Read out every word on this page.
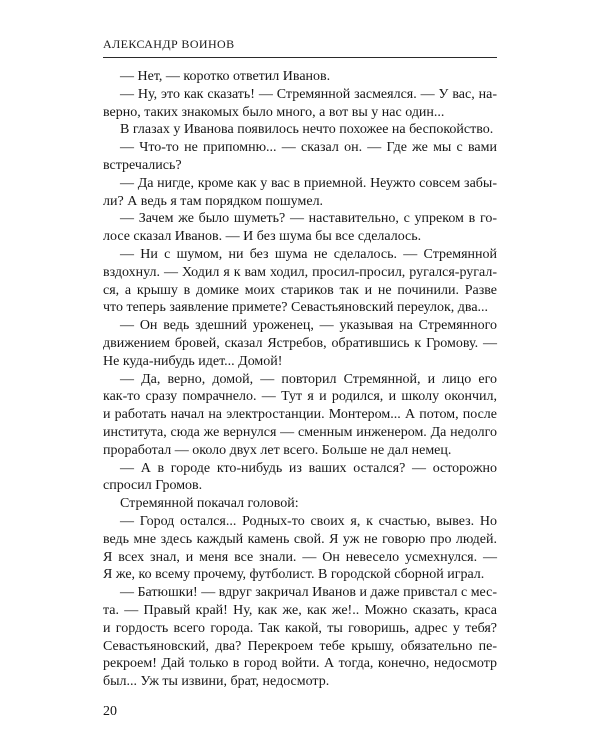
АЛЕКСАНДР ВОИНОВ
— Нет, — коротко ответил Иванов.
— Ну, это как сказать! — Стремянной засмеялся. — У вас, на-
верно, таких знакомых было много, а вот вы у нас один...
В глазах у Иванова появилось нечто похожее на беспокойство.
— Что-то не припомню... — сказал он. — Где же мы с вами
встречались?
— Да нигде, кроме как у вас в приемной. Неужто совсем забы-
ли? А ведь я там порядком пошумел.
— Зачем же было шуметь? — наставительно, с упреком в го-
лосе сказал Иванов. — И без шума бы все сделалось.
— Ни с шумом, ни без шума не сделалось. — Стремянной
вздохнул. — Ходил я к вам ходил, просил-просил, ругался-ругал-
ся, а крышу в домике моих стариков так и не починили. Разве
что теперь заявление примете? Севастьяновский переулок, два...
— Он ведь здешний уроженец, — указывая на Стремянного
движением бровей, сказал Ястребов, обратившись к Громову. —
Не куда-нибудь идет... Домой!
— Да, верно, домой, — повторил Стремянной, и лицо его
как-то сразу помрачнело. — Тут я и родился, и школу окончил,
и работать начал на электростанции. Монтером... А потом, после
института, сюда же вернулся — сменным инженером. Да недолго
проработал — около двух лет всего. Больше не дал немец.
— А в городе кто-нибудь из ваших остался? — осторожно
спросил Громов.
Стремянной покачал головой:
— Город остался... Родных-то своих я, к счастью, вывез. Но
ведь мне здесь каждый камень свой. Я уж не говорю про людей.
Я всех знал, и меня все знали. — Он невесело усмехнулся. —
Я же, ко всему прочему, футболист. В городской сборной играл.
— Батюшки! — вдруг закричал Иванов и даже привстал с мес-
та. — Правый край! Ну, как же, как же!.. Можно сказать, краса
и гордость всего города. Так какой, ты говоришь, адрес у тебя?
Севастьяновский, два? Перекроем тебе крышу, обязательно пе-
рекроем! Дай только в город войти. А тогда, конечно, недосмотр
был... Уж ты извини, брат, недосмотр.
20
